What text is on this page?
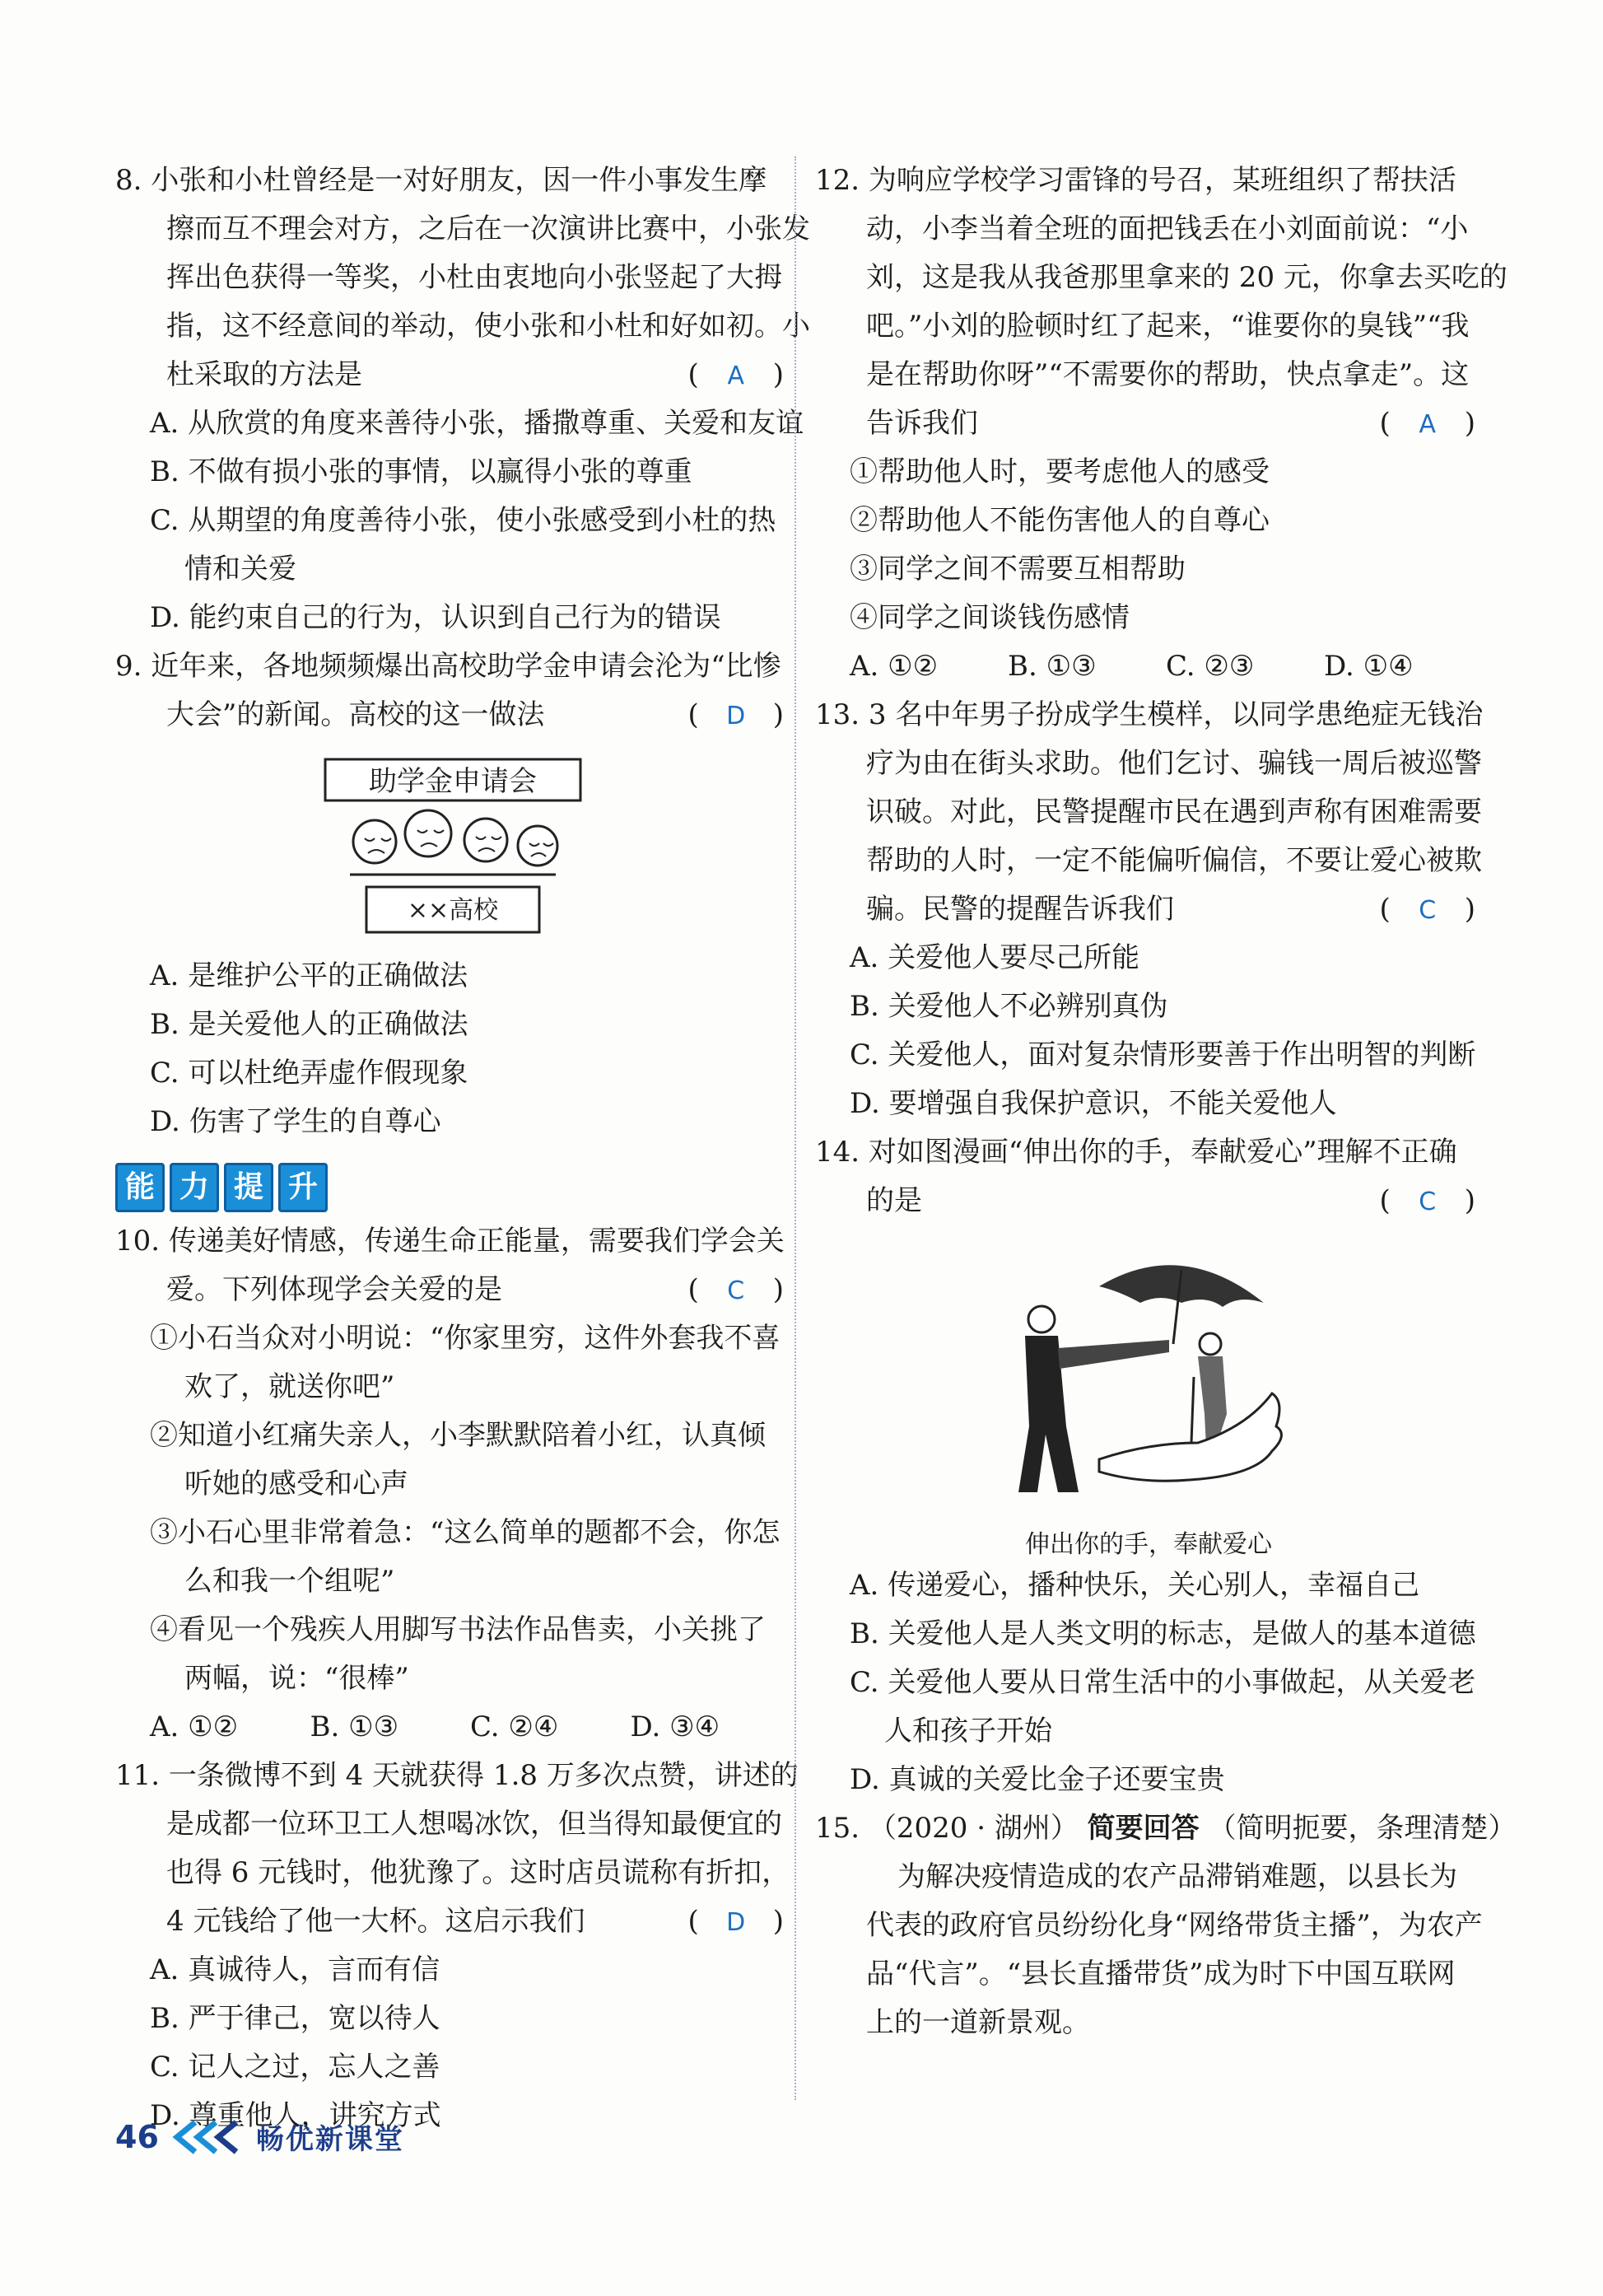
8. 小张和小杜曾经是一对好朋友，因一件小事发生摩
擦而互不理会对方，之后在一次演讲比赛中，小张发
挥出色获得一等奖，小杜由衷地向小张竖起了大拇
指，这不经意间的举动，使小张和小杜和好如初。小
杜采取的方法是	( A )
A. 从欣赏的角度来善待小张，播撒尊重、关爱和友谊
B. 不做有损小张的事情，以赢得小张的尊重
C. 从期望的角度善待小张，使小张感受到小杜的热
情和关爱
D. 能约束自己的行为，认识到自己行为的错误
9. 近年来，各地频频爆出高校助学金申请会沦为“比惨
大会”的新闻。高校的这一做法	( D )
助学金申请会
××高校
A. 是维护公平的正确做法
B. 是关爱他人的正确做法
C. 可以杜绝弄虚作假现象
D. 伤害了学生的自尊心
能 力 提 升
10. 传递美好情感，传递生命正能量，需要我们学会关
爱。下列体现学会关爱的是	( C )
①小石当众对小明说：“你家里穷，这件外套我不喜
欢了，就送你吧”
②知道小红痛失亲人，小李默默陪着小红，认真倾
听她的感受和心声
③小石心里非常着急：“这么简单的题都不会，你怎
么和我一个组呢”
④看见一个残疾人用脚写书法作品售卖，小关挑了
两幅，说：“很棒”
A. ①②	B. ①③	C. ②④	D. ③④
11. 一条微博不到 4 天就获得 1.8 万多次点赞，讲述的
是成都一位环卫工人想喝冰饮，但当得知最便宜的
也得 6 元钱时，他犹豫了。这时店员谎称有折扣，
4 元钱给了他一大杯。这启示我们	( D )
A. 真诚待人，言而有信
B. 严于律己，宽以待人
C. 记人之过，忘人之善
D. 尊重他人，讲究方式
12. 为响应学校学习雷锋的号召，某班组织了帮扶活
动，小李当着全班的面把钱丢在小刘面前说：“小
刘，这是我从我爸那里拿来的 20 元，你拿去买吃的
吧。”小刘的脸顿时红了起来，“谁要你的臭钱”“我
是在帮助你呀”“不需要你的帮助，快点拿走”。这
告诉我们	( A )
①帮助他人时，要考虑他人的感受
②帮助他人不能伤害他人的自尊心
③同学之间不需要互相帮助
④同学之间谈钱伤感情
A. ①②	B. ①③	C. ②③	D. ①④
13. 3 名中年男子扮成学生模样，以同学患绝症无钱治
疗为由在街头求助。他们乞讨、骗钱一周后被巡警
识破。对此，民警提醒市民在遇到声称有困难需要
帮助的人时，一定不能偏听偏信，不要让爱心被欺
骗。民警的提醒告诉我们	( C )
A. 关爱他人要尽己所能
B. 关爱他人不必辨别真伪
C. 关爱他人，面对复杂情形要善于作出明智的判断
D. 要增强自我保护意识，不能关爱他人
14. 对如图漫画“伸出你的手，奉献爱心”理解不正确
的是	( C )
伸出你的手，奉献爱心
A. 传递爱心，播种快乐，关心别人，幸福自己
B. 关爱他人是人类文明的标志，是做人的基本道德
C. 关爱他人要从日常生活中的小事做起，从关爱老
人和孩子开始
D. 真诚的关爱比金子还要宝贵
15. （2020 · 湖州） 简要回答 （简明扼要，条理清楚）
为解决疫情造成的农产品滞销难题，以县长为
代表的政府官员纷纷化身“网络带货主播”，为农产
品“代言”。“县长直播带货”成为时下中国互联网
上的一道新景观。
46	畅优新课堂
